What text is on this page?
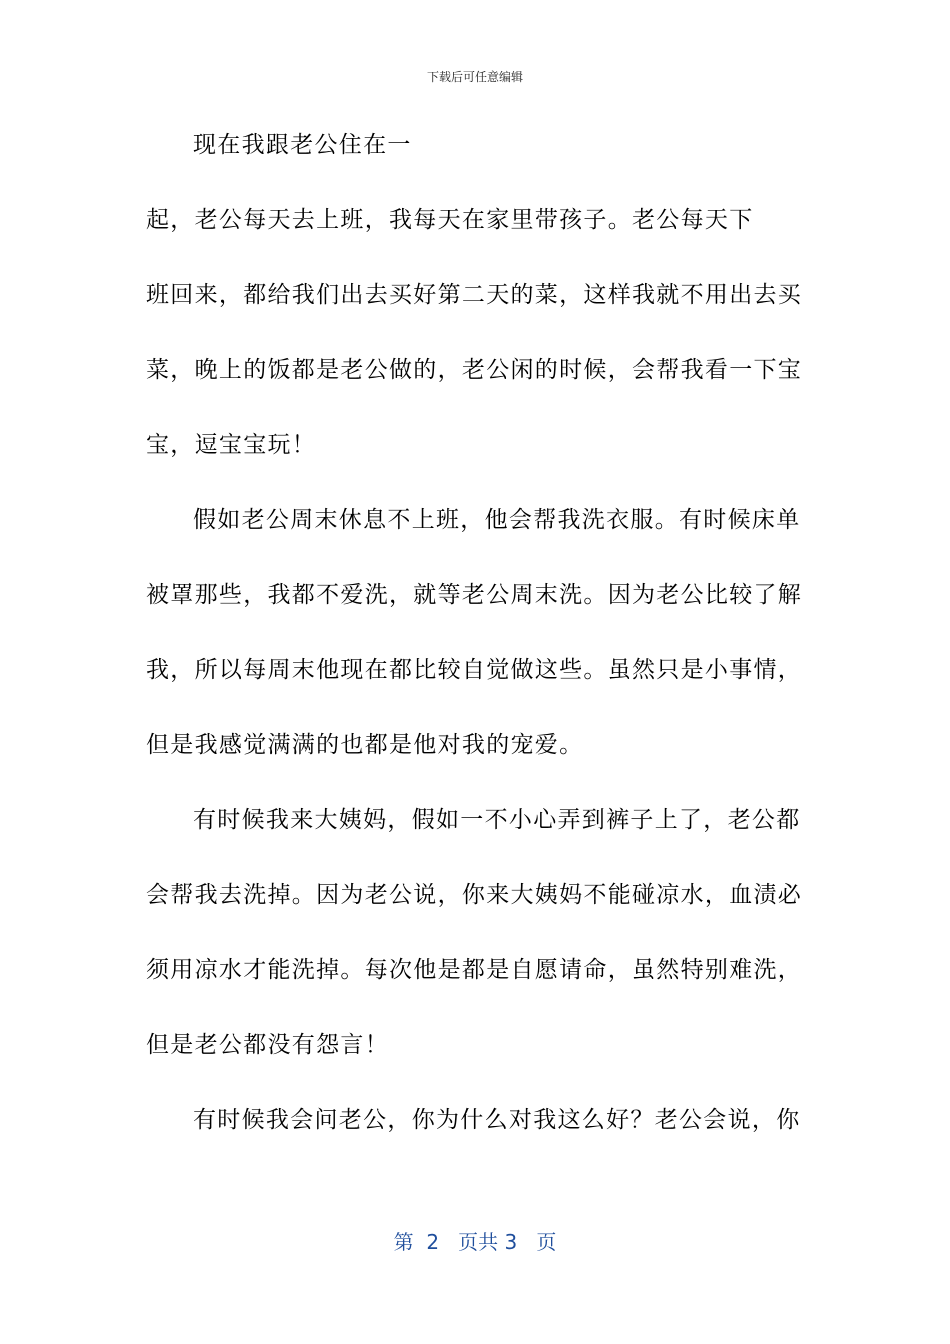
下载后可任意编辑
现在我跟老公住在一
起，老公每天去上班，我每天在家里带孩子。老公每天下
班回来，都给我们出去买好第二天的菜，这样我就不用出去买
菜，晚上的饭都是老公做的，老公闲的时候，会帮我看一下宝
宝，逗宝宝玩！
假如老公周末休息不上班，他会帮我洗衣服。有时候床单
被罩那些，我都不爱洗，就等老公周末洗。因为老公比较了解
我，所以每周末他现在都比较自觉做这些。虽然只是小事情，
但是我感觉满满的也都是他对我的宠爱。
有时候我来大姨妈，假如一不小心弄到裤子上了，老公都
会帮我去洗掉。因为老公说，你来大姨妈不能碰凉水，血渍必
须用凉水才能洗掉。每次他是都是自愿请命，虽然特别难洗，
但是老公都没有怨言！
有时候我会问老公，你为什么对我这么好？老公会说，你
第  2   页共 3   页
